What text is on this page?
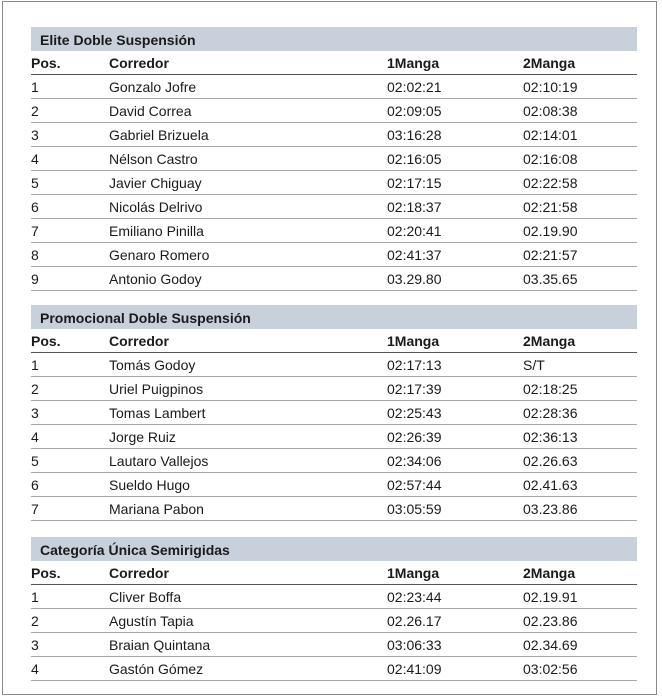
Elite Doble Suspensión
Pos.	Corredor	1Manga	2Manga
1	Gonzalo Jofre	02:02:21	02:10:19
2	David Correa	02:09:05	02:08:38
3	Gabriel Brizuela	03:16:28	02:14:01
4	Nélson Castro	02:16:05	02:16:08
5	Javier Chiguay	02:17:15	02:22:58
6	Nicolás Delrivo	02:18:37	02:21:58
7	Emiliano Pinilla	02:20:41	02.19.90
8	Genaro Romero	02:41:37	02:21:57
9	Antonio Godoy	03.29.80	03.35.65
Promocional Doble Suspensión
Pos.	Corredor	1Manga	2Manga
1	Tomás Godoy	02:17:13	S/T
2	Uriel Puigpinos	02:17:39	02:18:25
3	Tomas Lambert	02:25:43	02:28:36
4	Jorge Ruiz	02:26:39	02:36:13
5	Lautaro Vallejos	02:34:06	02.26.63
6	Sueldo Hugo	02:57:44	02.41.63
7	Mariana Pabon	03:05:59	03.23.86
Categoría Única Semirigidas
Pos.	Corredor	1Manga	2Manga
1	Cliver Boffa	02:23:44	02.19.91
2	Agustín Tapia	02.26.17	02.23.86
3	Braian Quintana	03:06:33	02.34.69
4	Gastón Gómez	02:41:09	03:02:56
